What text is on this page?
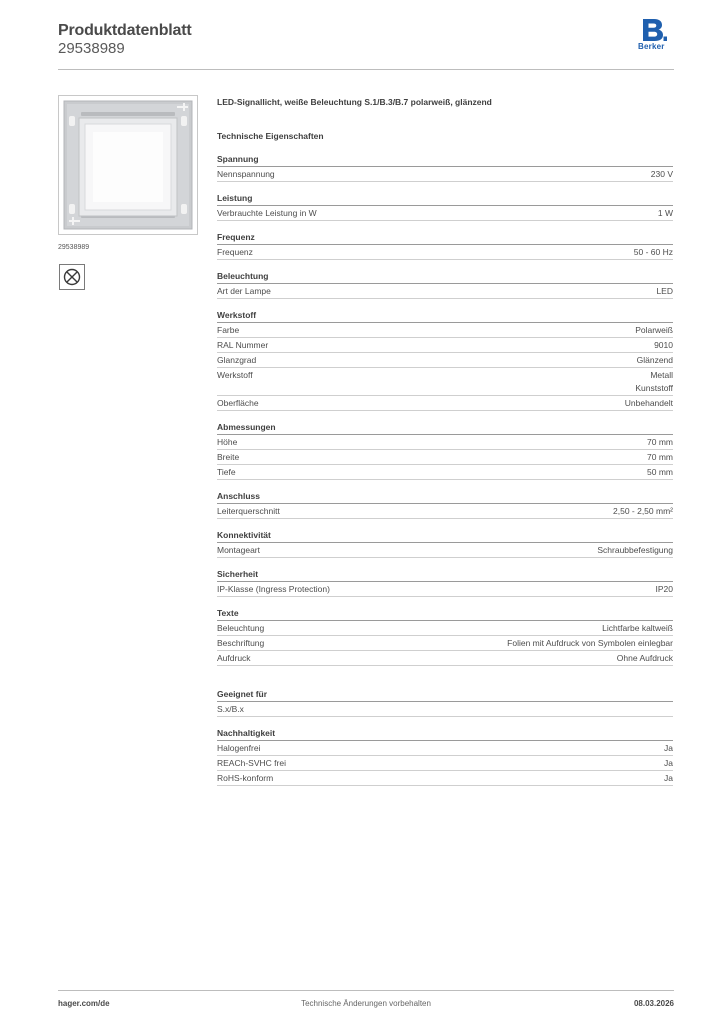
Produktdatenblatt
29538989	Berker
29538989
LED-Signallicht, weiße Beleuchtung S.1/B.3/B.7 polarweiß, glänzend
Technische Eigenschaften
Spannung
Nennspannung	230 V
Leistung
Verbrauchte Leistung in W	1 W
Frequenz
Frequenz	50 - 60 Hz
Beleuchtung
Art der Lampe	LED
Werkstoff
Farbe	Polarweiß
RAL Nummer	9010
Glanzgrad	Glänzend
Werkstoff	Metall
Kunststoff
Oberfläche	Unbehandelt
Abmessungen
Höhe	70 mm
Breite	70 mm
Tiefe	50 mm
Anschluss
Leiterquerschnitt	2,50 - 2,50 mm²
Konnektivität
Montageart	Schraubbefestigung
Sicherheit
IP-Klasse (Ingress Protection)	IP20
Texte
Beleuchtung	Lichtfarbe kaltweiß
Beschriftung	Folien mit Aufdruck von Symbolen einlegbar
Aufdruck	Ohne Aufdruck
Geeignet für
S.x/B.x
Nachhaltigkeit
Halogenfrei	Ja
REACh-SVHC frei	Ja
RoHS-konform	Ja
hager.com/de	Technische Änderungen vorbehalten	08.03.2026
